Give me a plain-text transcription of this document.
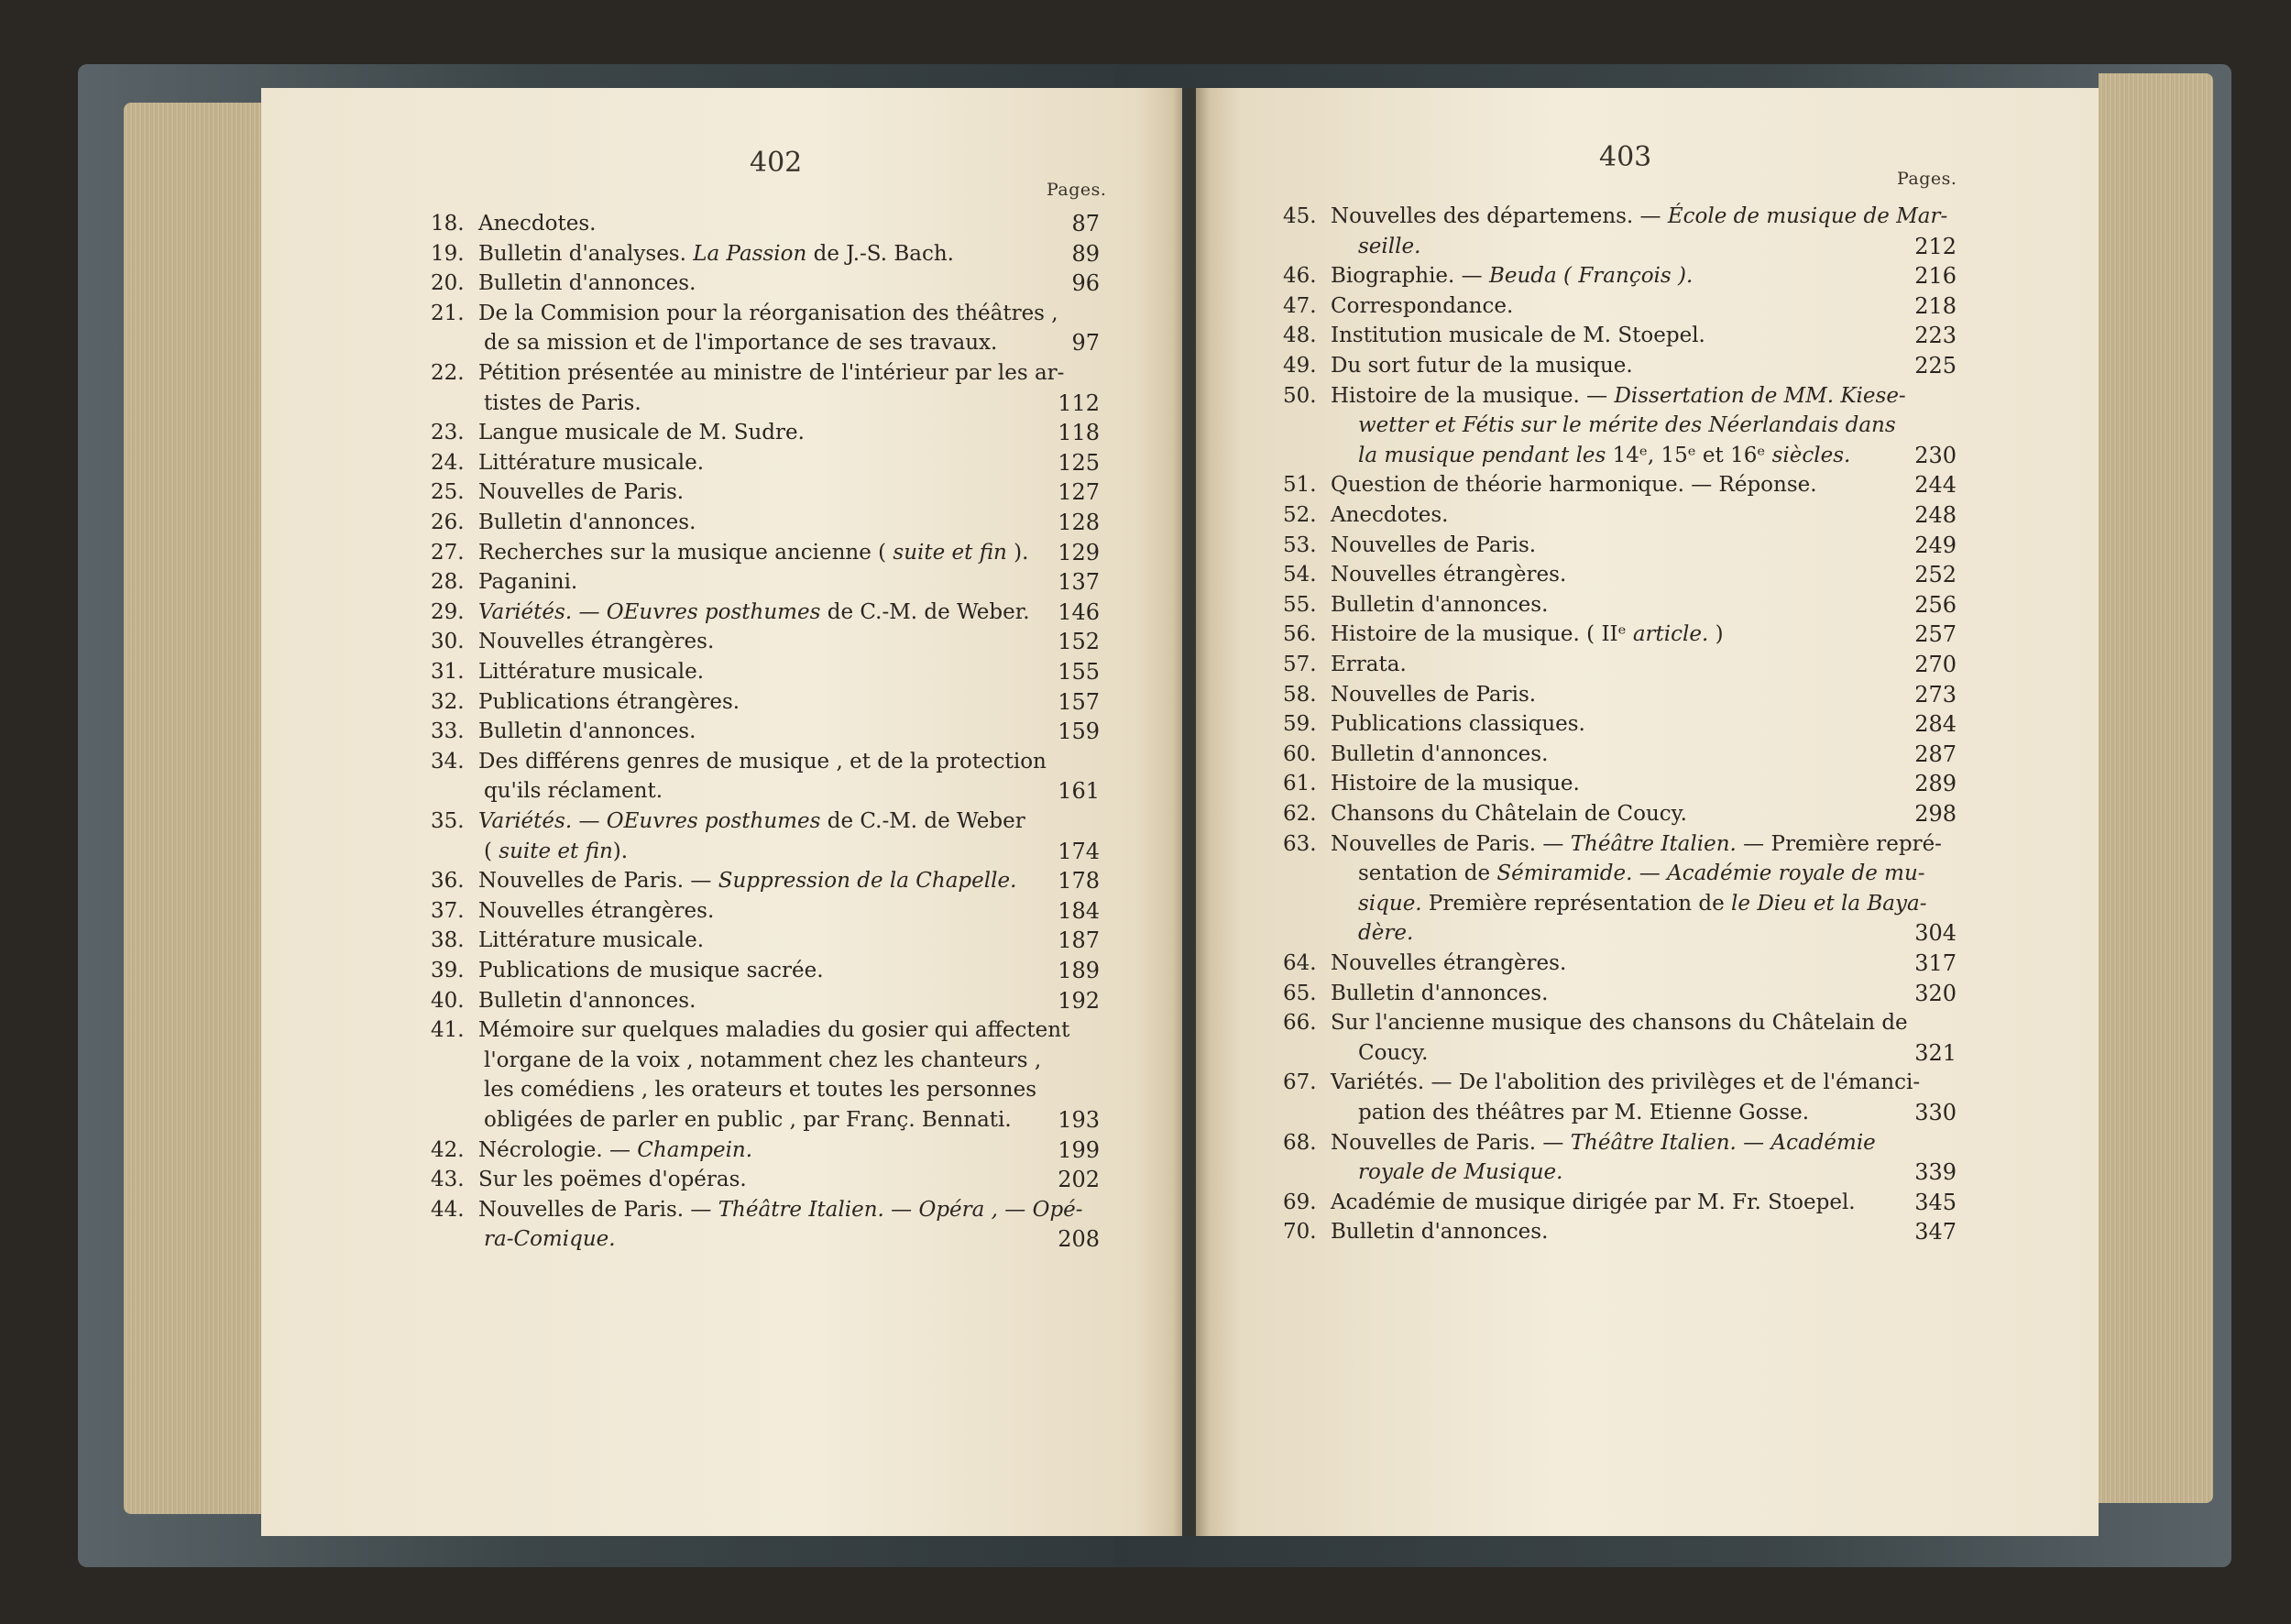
402
Pages.
403
Pages.
18. Anecdotes.	87
19. Bulletin d'analyses. La Passion de J.-S. Bach.	89
20. Bulletin d'annonces.	96
21. De la Commision pour la réorganisation des théâtres ,
de sa mission et de l'importance de ses travaux.	97
22. Pétition présentée au ministre de l'intérieur par les ar-
tistes de Paris.	112
23. Langue musicale de M. Sudre.	118
24. Littérature musicale.	125
25. Nouvelles de Paris.	127
26. Bulletin d'annonces.	128
27. Recherches sur la musique ancienne ( suite et fin ).	129
28. Paganini.	137
29. Variétés. — OEuvres posthumes de C.-M. de Weber.	146
30. Nouvelles étrangères.	152
31. Littérature musicale.	155
32. Publications étrangères.	157
33. Bulletin d'annonces.	159
34. Des différens genres de musique , et de la protection
qu'ils réclament.	161
35. Variétés. — OEuvres posthumes de C.-M. de Weber
( suite et fin).	174
36. Nouvelles de Paris. — Suppression de la Chapelle.	178
37. Nouvelles étrangères.	184
38. Littérature musicale.	187
39. Publications de musique sacrée.	189
40. Bulletin d'annonces.	192
41. Mémoire sur quelques maladies du gosier qui affectent
l'organe de la voix , notamment chez les chanteurs ,
les comédiens , les orateurs et toutes les personnes
obligées de parler en public , par Franç. Bennati.	193
42. Nécrologie. — Champein.	199
43. Sur les poëmes d'opéras.	202
44. Nouvelles de Paris. — Théâtre Italien. — Opéra , — Opé-
ra-Comique.	208
45. Nouvelles des départemens. — École de musique de Mar-
seille.	212
46. Biographie. — Beuda ( François ).	216
47. Correspondance.	218
48. Institution musicale de M. Stoepel.	223
49. Du sort futur de la musique.	225
50. Histoire de la musique. — Dissertation de MM. Kiese-
wetter et Fétis sur le mérite des Néerlandais dans
la musique pendant les 14ᵉ, 15ᵉ et 16ᵉ siècles.	230
51. Question de théorie harmonique. — Réponse.	244
52. Anecdotes.	248
53. Nouvelles de Paris.	249
54. Nouvelles étrangères.	252
55. Bulletin d'annonces.	256
56. Histoire de la musique. ( IIᵉ article. )	257
57. Errata.	270
58. Nouvelles de Paris.	273
59. Publications classiques.	284
60. Bulletin d'annonces.	287
61. Histoire de la musique.	289
62. Chansons du Châtelain de Coucy.	298
63. Nouvelles de Paris. — Théâtre Italien. — Première repré-
sentation de Sémiramide. — Académie royale de mu-
sique. Première représentation de le Dieu et la Baya-
dère.	304
64. Nouvelles étrangères.	317
65. Bulletin d'annonces.	320
66. Sur l'ancienne musique des chansons du Châtelain de
Coucy.	321
67. Variétés. — De l'abolition des privilèges et de l'émanci-
pation des théâtres par M. Etienne Gosse.	330
68. Nouvelles de Paris. — Théâtre Italien. — Académie
royale de Musique.	339
69. Académie de musique dirigée par M. Fr. Stoepel.	345
70. Bulletin d'annonces.	347
